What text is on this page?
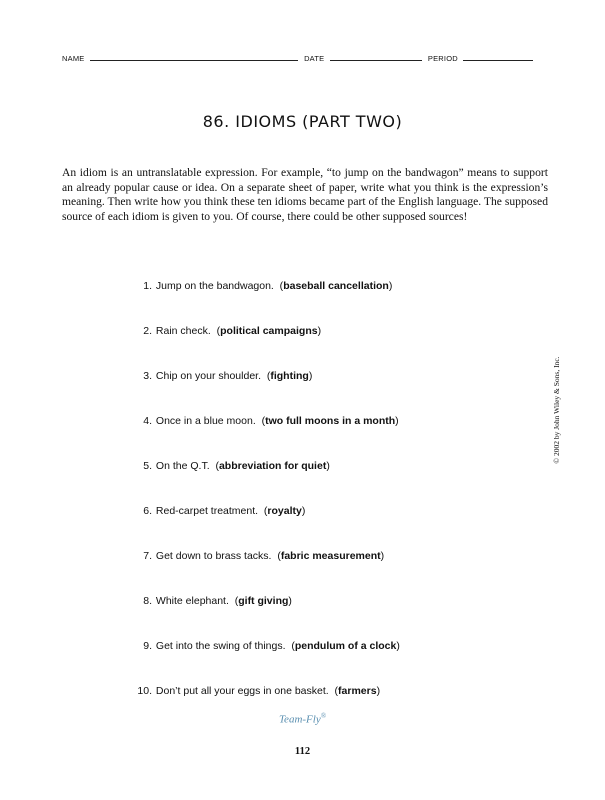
NAME	DATE	PERIOD
86. IDIOMS (PART TWO)
An idiom is an untranslatable expression. For example, “to jump on the bandwagon” means to support an already popular cause or idea. On a separate sheet of paper, write what you think is the expression’s meaning. Then write how you think these ten idioms became part of the English language. The supposed source of each idiom is given to you. Of course, there could be other supposed sources!
1. Jump on the bandwagon.  (baseball cancellation)
2. Rain check.  (political campaigns)
3. Chip on your shoulder.  (fighting)
4. Once in a blue moon.  (two full moons in a month)
5. On the Q.T.  (abbreviation for quiet)
6. Red-carpet treatment.  (royalty)
7. Get down to brass tacks.  (fabric measurement)
8. White elephant.  (gift giving)
9. Get into the swing of things.  (pendulum of a clock)
10. Don’t put all your eggs in one basket.  (farmers)
© 2002 by John Wiley & Sons, Inc.
Team-Fly®
112
